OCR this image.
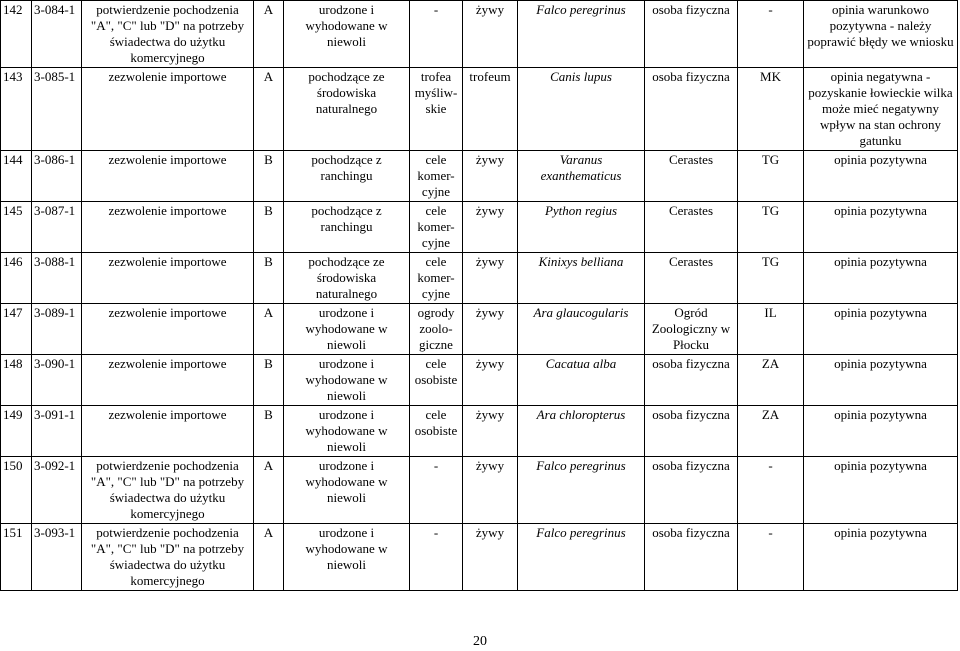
142	3-084-1	potwierdzenie pochodzenia "A", "C" lub "D" na potrzeby świadectwa do użytku komercyjnego	A	urodzone i wyhodowane w niewoli	-	żywy	Falco peregrinus	osoba fizyczna	-	opinia warunkowo pozytywna - należy poprawić błędy we wniosku
143	3-085-1	zezwolenie importowe	A	pochodzące ze środowiska naturalnego	trofea myśliw-skie	trofeum	Canis lupus	osoba fizyczna	MK	opinia negatywna - pozyskanie łowieckie wilka może mieć negatywny wpływ na stan ochrony gatunku
144	3-086-1	zezwolenie importowe	B	pochodzące z ranchingu	cele komer-cyjne	żywy	Varanus exanthematicus	Cerastes	TG	opinia pozytywna
145	3-087-1	zezwolenie importowe	B	pochodzące z ranchingu	cele komer-cyjne	żywy	Python regius	Cerastes	TG	opinia pozytywna
146	3-088-1	zezwolenie importowe	B	pochodzące ze środowiska naturalnego	cele komer-cyjne	żywy	Kinixys belliana	Cerastes	TG	opinia pozytywna
147	3-089-1	zezwolenie importowe	A	urodzone i wyhodowane w niewoli	ogrody zoolo-giczne	żywy	Ara glaucogularis	Ogród Zoologiczny w Płocku	IL	opinia pozytywna
148	3-090-1	zezwolenie importowe	B	urodzone i wyhodowane w niewoli	cele osobiste	żywy	Cacatua alba	osoba fizyczna	ZA	opinia pozytywna
149	3-091-1	zezwolenie importowe	B	urodzone i wyhodowane w niewoli	cele osobiste	żywy	Ara chloropterus	osoba fizyczna	ZA	opinia pozytywna
150	3-092-1	potwierdzenie pochodzenia "A", "C" lub "D" na potrzeby świadectwa do użytku komercyjnego	A	urodzone i wyhodowane w niewoli	-	żywy	Falco peregrinus	osoba fizyczna	-	opinia pozytywna
151	3-093-1	potwierdzenie pochodzenia "A", "C" lub "D" na potrzeby świadectwa do użytku komercyjnego	A	urodzone i wyhodowane w niewoli	-	żywy	Falco peregrinus	osoba fizyczna	-	opinia pozytywna
20
